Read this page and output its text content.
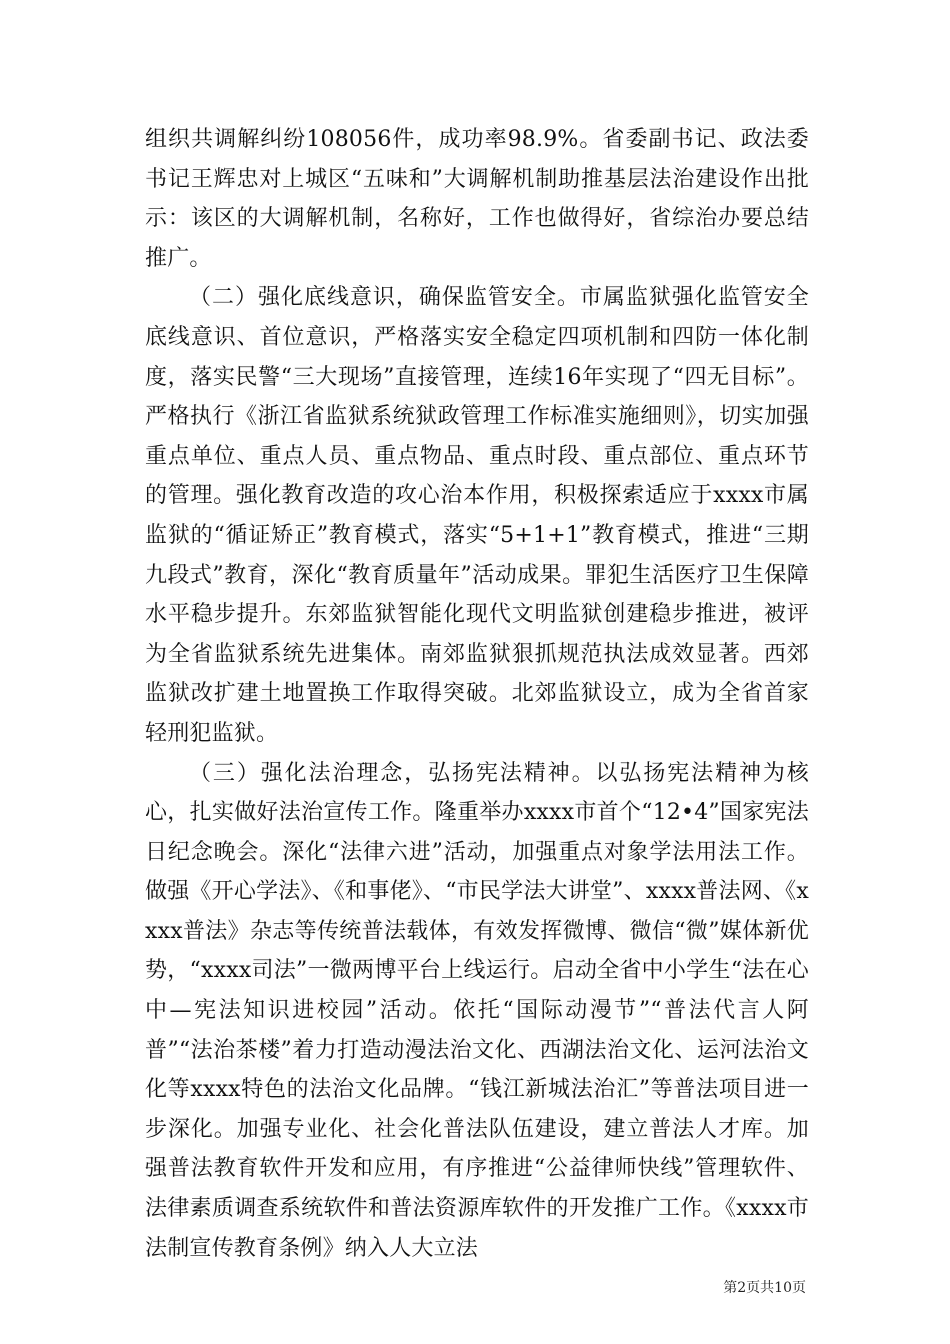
组织共调解纠纷108056件，成功率98.9%。省委副书记、政法委书记王辉忠对上城区“五味和”大调解机制助推基层法治建设作出批示：该区的大调解机制，名称好，工作也做得好，省综治办要总结推广。

（二）强化底线意识，确保监管安全。市属监狱强化监管安全底线意识、首位意识，严格落实安全稳定四项机制和四防一体化制度，落实民警“三大现场”直接管理，连续16年实现了“四无目标”。严格执行《浙江省监狱系统狱政管理工作标准实施细则》，切实加强重点单位、重点人员、重点物品、重点时段、重点部位、重点环节的管理。强化教育改造的攻心治本作用，积极探索适应于xxxx市属监狱的“循证矫正”教育模式，落实“5+1+1”教育模式，推进“三期九段式”教育，深化“教育质量年”活动成果。罪犯生活医疗卫生保障水平稳步提升。东郊监狱智能化现代文明监狱创建稳步推进，被评为全省监狱系统先进集体。南郊监狱狠抓规范执法成效显著。西郊监狱改扩建土地置换工作取得突破。北郊监狱设立，成为全省首家轻刑犯监狱。

（三）强化法治理念，弘扬宪法精神。以弘扬宪法精神为核心，扎实做好法治宣传工作。隆重举办xxxx市首个“12•4”国家宪法日纪念晚会。深化“法律六进”活动，加强重点对象学法用法工作。做强《开心学法》、《和事佬》、“市民学法大讲堂”、xxxx普法网、《xxxx普法》杂志等传统普法载体，有效发挥微博、微信“微”媒体新优势，“xxxx司法”一微两博平台上线运行。启动全省中小学生“法在心中—宪法知识进校园”活动。依托“国际动漫节”“普法代言人阿普”“法治茶楼”着力打造动漫法治文化、西湖法治文化、运河法治文化等xxxx特色的法治文化品牌。“钱江新城法治汇”等普法项目进一步深化。加强专业化、社会化普法队伍建设，建立普法人才库。加强普法教育软件开发和应用，有序推进“公益律师快线”管理软件、法律素质调查系统软件和普法资源库软件的开发推广工作。《xxxx市法制宣传教育条例》纳入人大立法

第2页共10页
